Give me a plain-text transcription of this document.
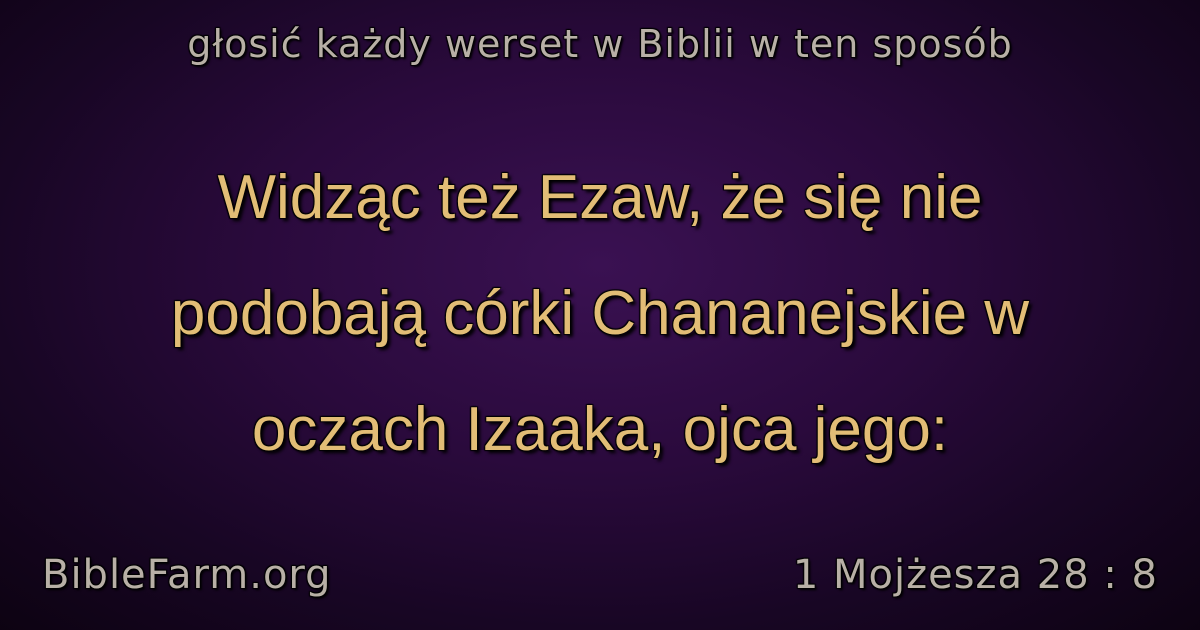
głosić każdy werset w Biblii w ten sposób
Widząc też Ezaw, że się nie
podobają córki Chananejskie w
oczach Izaaka, ojca jego:
BibleFarm.org	1 Mojżesza 28 : 8
